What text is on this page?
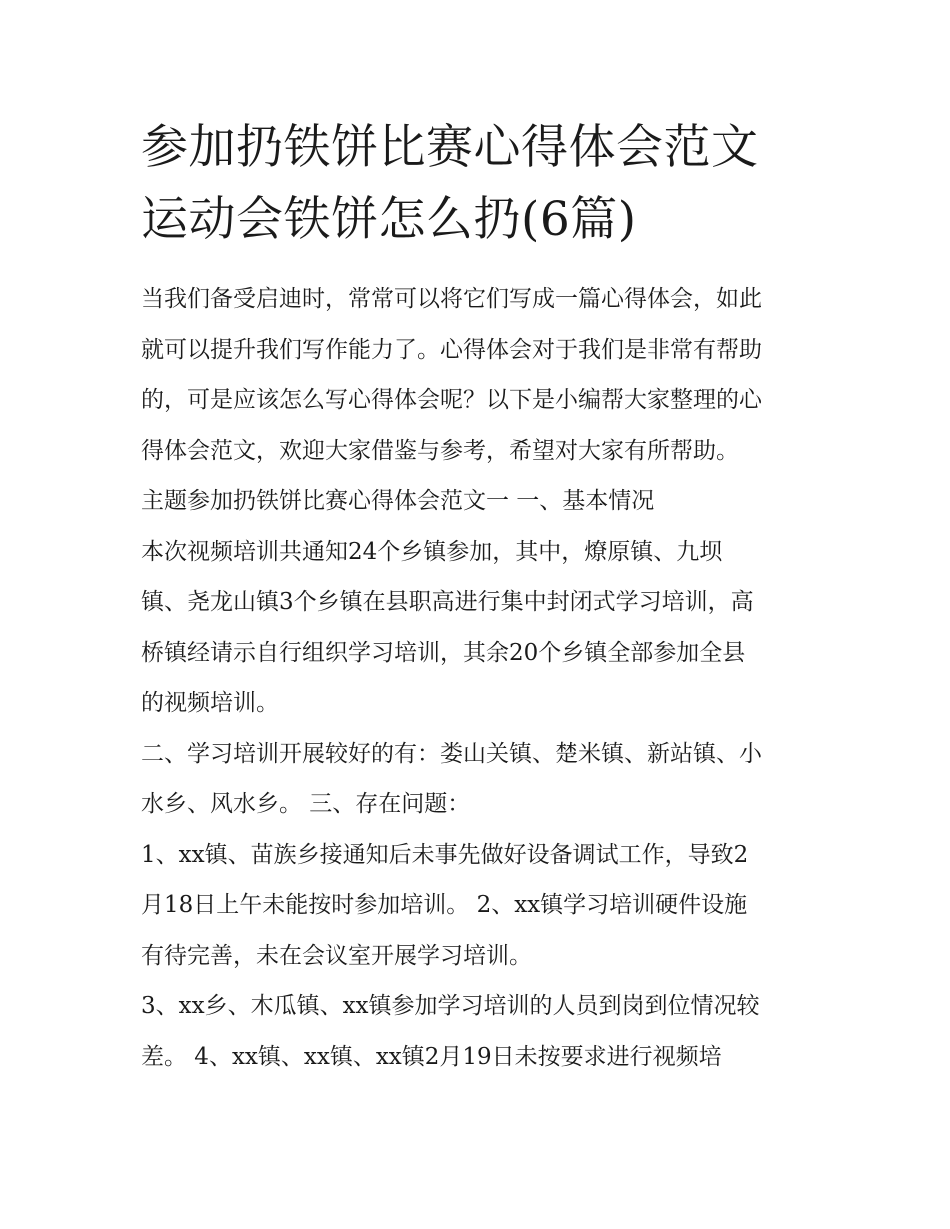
参加扔铁饼比赛心得体会范文
运动会铁饼怎么扔(6篇)
当我们备受启迪时，常常可以将它们写成一篇心得体会，如此
就可以提升我们写作能力了。心得体会对于我们是非常有帮助
的，可是应该怎么写心得体会呢？以下是小编帮大家整理的心
得体会范文，欢迎大家借鉴与参考，希望对大家有所帮助。
主题参加扔铁饼比赛心得体会范文一 一、基本情况
本次视频培训共通知24个乡镇参加，其中，燎原镇、九坝
镇、尧龙山镇3个乡镇在县职高进行集中封闭式学习培训，高
桥镇经请示自行组织学习培训，其余20个乡镇全部参加全县
的视频培训。
二、学习培训开展较好的有：娄山关镇、楚米镇、新站镇、小
水乡、风水乡。 三、存在问题：
1、xx镇、苗族乡接通知后未事先做好设备调试工作，导致2
月18日上午未能按时参加培训。 2、xx镇学习培训硬件设施
有待完善，未在会议室开展学习培训。
3、xx乡、木瓜镇、xx镇参加学习培训的人员到岗到位情况较
差。 4、xx镇、xx镇、xx镇2月19日未按要求进行视频培
